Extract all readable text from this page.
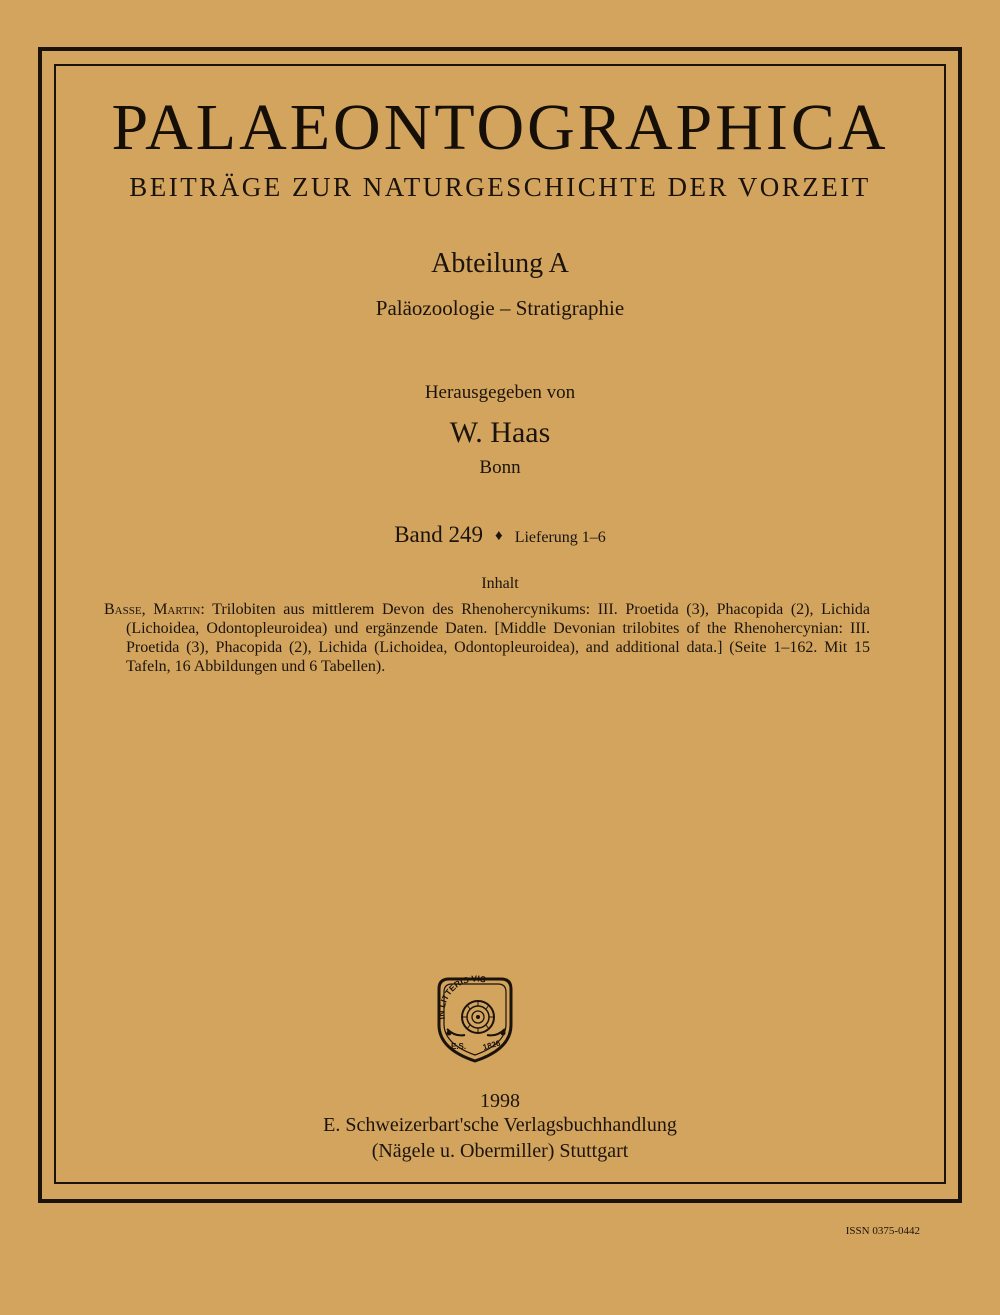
PALAEONTOGRAPHICA
BEITRÄGE ZUR NATURGESCHICHTE DER VORZEIT
Abteilung A
Paläozoologie – Stratigraphie
Herausgegeben von
W. Haas
Bonn
Band 249 ♦ Lieferung 1–6
Inhalt
Basse, Martin: Trilobiten aus mittlerem Devon des Rhenohercynikums: III. Proetida (3), Phacopida (2), Lichida (Lichoidea, Odontopleuroidea) und ergänzende Daten. [Middle Devonian trilobites of the Rhenohercynian: III. Proetida (3), Phacopida (2), Lichida (Lichoidea, Odontopleuroidea), and additional data.] (Seite 1–162. Mit 15 Tafeln, 16 Abbildungen und 6 Tabellen).
IN LITTERIS VIS
E.S. 1826
1998
E. Schweizerbart'sche Verlagsbuchhandlung
(Nägele u. Obermiller) Stuttgart
ISSN 0375-0442
